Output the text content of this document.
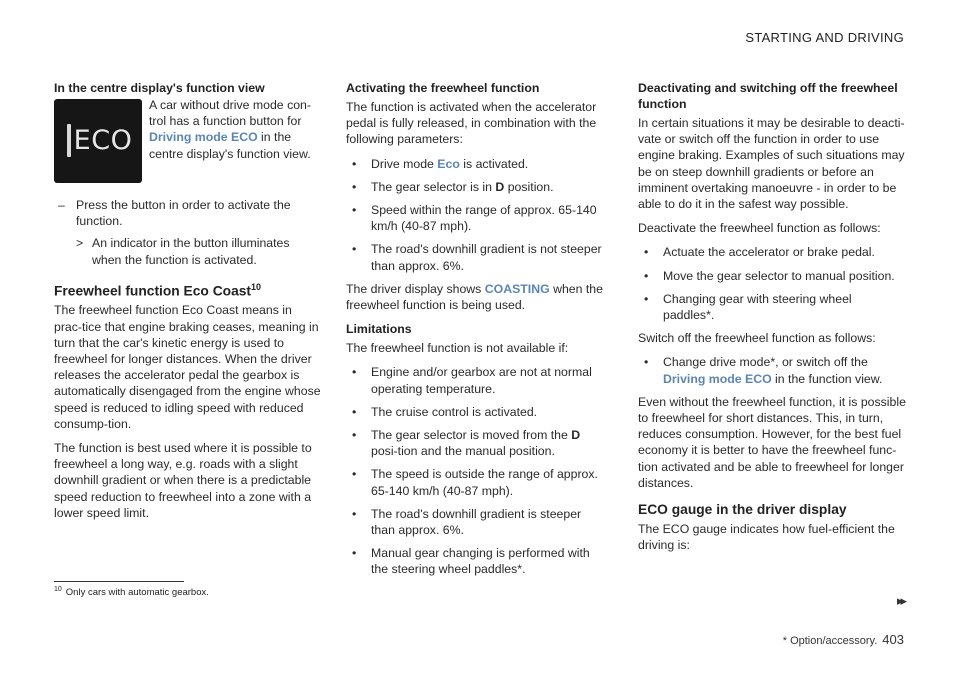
STARTING AND DRIVING
In the centre display's function view
ECO
A car without drive mode con-trol has a function button for Driving mode ECO in the centre display's function view.
– Press the button in order to activate the function.
> An indicator in the button illuminates when the function is activated.
Freewheel function Eco Coast$^{10}$

The freewheel function Eco Coast means in prac-tice that engine braking ceases, meaning in turn that the car's kinetic energy is used to freewheel for longer distances. When the driver releases the accelerator pedal the gearbox is automatically disengaged from the engine whose speed is reduced to idling speed with reduced consump-tion.

The function is best used where it is possible to freewheel a long way, e.g. roads with a slight downhill gradient or when there is a predictable speed reduction to freewheel into a zone with a lower speed limit.

Activating the freewheel function

The function is activated when the accelerator pedal is fully released, in combination with the following parameters:

• Drive mode Eco is activated.
• The gear selector is in D position.
• Speed within the range of approx. 65-140 km/h (40-87 mph).
• The road's downhill gradient is not steeper than approx. 6%.

The driver display shows COASTING when the freewheel function is being used.

Limitations

The freewheel function is not available if:

• Engine and/or gearbox are not at normal operating temperature.
• The cruise control is activated.
• The gear selector is moved from the D posi-tion and the manual position.
• The speed is outside the range of approx. 65-140 km/h (40-87 mph).
• The road's downhill gradient is steeper than approx. 6%.
• Manual gear changing is performed with the steering wheel paddles*.
Deactivating and switching off the freewheel function

In certain situations it may be desirable to deacti-vate or switch off the function in order to use engine braking. Examples of such situations may be on steep downhill gradients or before an imminent overtaking manoeuvre - in order to be able to do it in the safest way possible.

Deactivate the freewheel function as follows:

• Actuate the accelerator or brake pedal.
• Move the gear selector to manual position.
• Changing gear with steering wheel paddles*.

Switch off the freewheel function as follows:

• Change drive mode*, or switch off the Driving mode ECO in the function view.

Even without the freewheel function, it is possible to freewheel for short distances. This, in turn, reduces consumption. However, for the best fuel economy it is better to have the freewheel func-tion activated and be able to freewheel for longer distances.

ECO gauge in the driver display

The ECO gauge indicates how fuel-efficient the driving is:

$^{10}$ Only cars with automatic gearbox.
▸▸
* Option/accessory. 403
